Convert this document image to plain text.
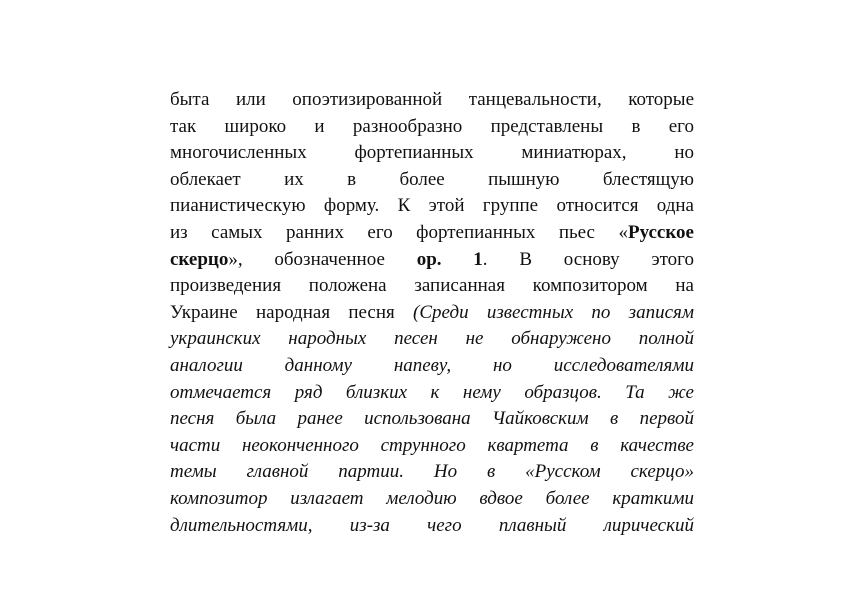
быта или опоэтизированной танцевальности, которые
так широко и разнообразно представлены в его
многочисленных фортепианных миниатюрах, но
облекает их в более пышную блестящую
пианистическую форму. К этой группе относится одна
из самых ранних его фортепианных пьес «Русское
скерцо», обозначенное ор. 1. В основу этого
произведения положена записанная композитором на
Украине народная песня (Среди известных по записям
украинских народных песен не обнаружено полной
аналогии данному напеву, но исследователями
отмечается ряд близких к нему образцов. Та же
песня была ранее использована Чайковским в первой
части неоконченного струнного квартета в качестве
темы главной партии. Но в «Русском скерцо»
композитор излагает мелодию вдвое более краткими
длительностями, из-за чего плавный лирический
